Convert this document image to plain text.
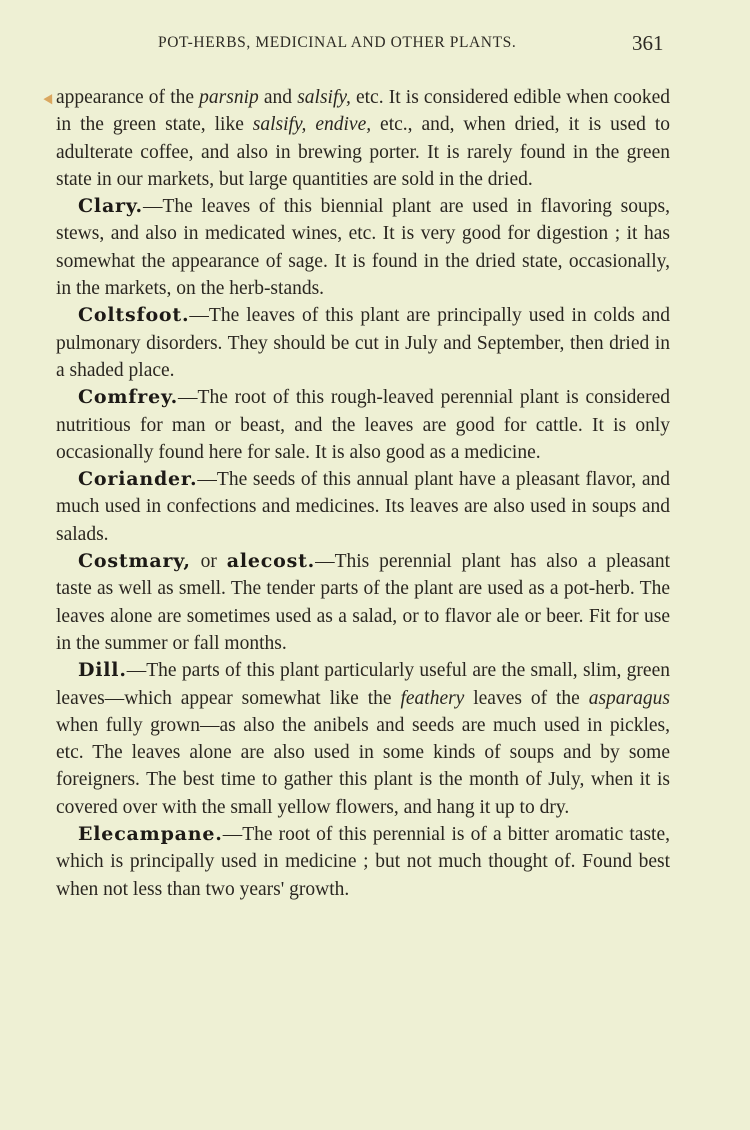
POT-HERBS, MEDICINAL AND OTHER PLANTS.	361

appearance of the parsnip and salsify, etc. It is considered edible when cooked in the green state, like salsify, endive, etc., and, when dried, it is used to adulterate coffee, and also in brewing porter. It is rarely found in the green state in our markets, but large quantities are sold in the dried.

Clary.—The leaves of this biennial plant are used in flavoring soups, stews, and also in medicated wines, etc. It is very good for digestion ; it has somewhat the appearance of sage. It is found in the dried state, occasionally, in the markets, on the herb-stands.

Coltsfoot.—The leaves of this plant are principally used in colds and pulmonary disorders. They should be cut in July and September, then dried in a shaded place.

Comfrey.—The root of this rough-leaved perennial plant is considered nutritious for man or beast, and the leaves are good for cattle. It is only occasionally found here for sale. It is also good as a medicine.

Coriander.—The seeds of this annual plant have a pleasant flavor, and much used in confections and medicines. Its leaves are also used in soups and salads.

Costmary, or alecost.—This perennial plant has also a pleasant taste as well as smell. The tender parts of the plant are used as a pot-herb. The leaves alone are sometimes used as a salad, or to flavor ale or beer. Fit for use in the summer or fall months.

Dill.—The parts of this plant particularly useful are the small, slim, green leaves—which appear somewhat like the feathery leaves of the asparagus when fully grown—as also the anibels and seeds are much used in pickles, etc. The leaves alone are also used in some kinds of soups and by some foreigners. The best time to gather this plant is the month of July, when it is covered over with the small yellow flowers, and hang it up to dry.

Elecampane.—The root of this perennial is of a bitter aromatic taste, which is principally used in medicine ; but not much thought of. Found best when not less than two years' growth.
